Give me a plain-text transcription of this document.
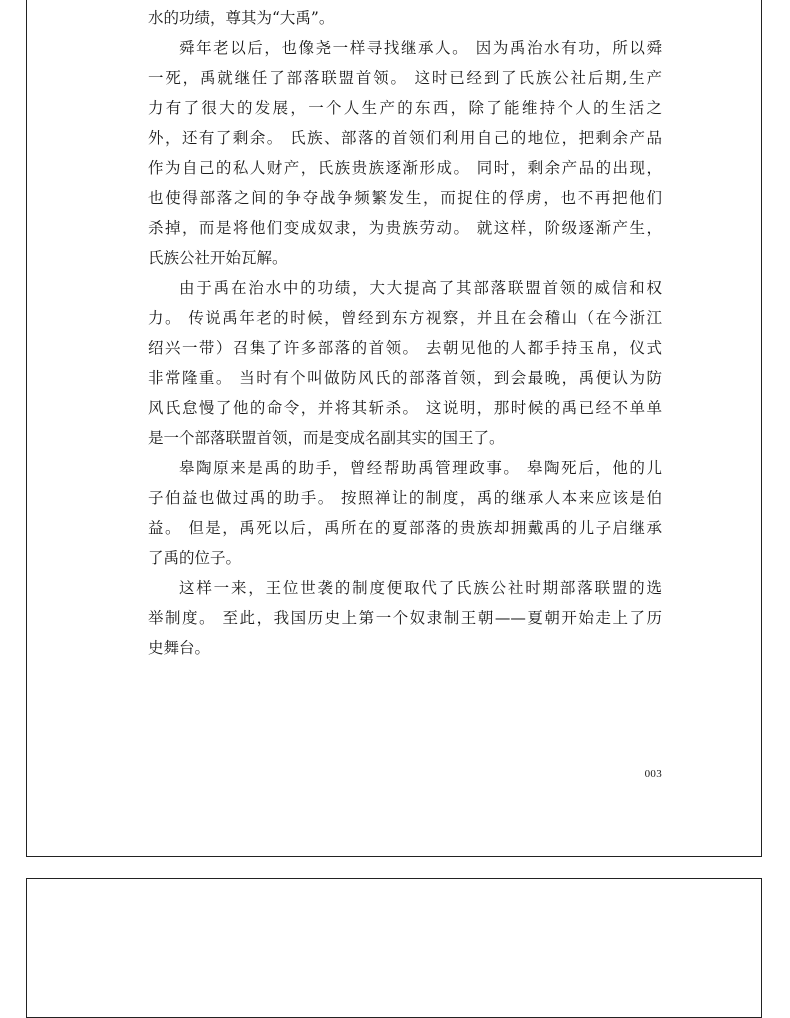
水的功绩，尊其为“大禹”。
舜年老以后，也像尧一样寻找继承人。 因为禹治水有功，所以舜
一死，禹就继任了部落联盟首领。 这时已经到了氏族公社后期,生产
力有了很大的发展，一个人生产的东西，除了能维持个人的生活之
外，还有了剩余。 氏族、部落的首领们利用自己的地位，把剩余产品
作为自己的私人财产，氏族贵族逐渐形成。 同时，剩余产品的出现，
也使得部落之间的争夺战争频繁发生，而捉住的俘虏，也不再把他们
杀掉，而是将他们变成奴隶，为贵族劳动。 就这样，阶级逐渐产生，
氏族公社开始瓦解。
由于禹在治水中的功绩，大大提高了其部落联盟首领的威信和权
力。 传说禹年老的时候，曾经到东方视察，并且在会稽山（在今浙江
绍兴一带）召集了许多部落的首领。 去朝见他的人都手持玉帛，仪式
非常隆重。 当时有个叫做防风氏的部落首领，到会最晚，禹便认为防
风氏怠慢了他的命令，并将其斩杀。 这说明，那时候的禹已经不单单
是一个部落联盟首领，而是变成名副其实的国王了。
皋陶原来是禹的助手，曾经帮助禹管理政事。 皋陶死后，他的儿
子伯益也做过禹的助手。 按照禅让的制度，禹的继承人本来应该是伯
益。 但是，禹死以后，禹所在的夏部落的贵族却拥戴禹的儿子启继承
了禹的位子。
这样一来，王位世袭的制度便取代了氏族公社时期部落联盟的选
举制度。 至此，我国历史上第一个奴隶制王朝——夏朝开始走上了历
史舞台。
003
